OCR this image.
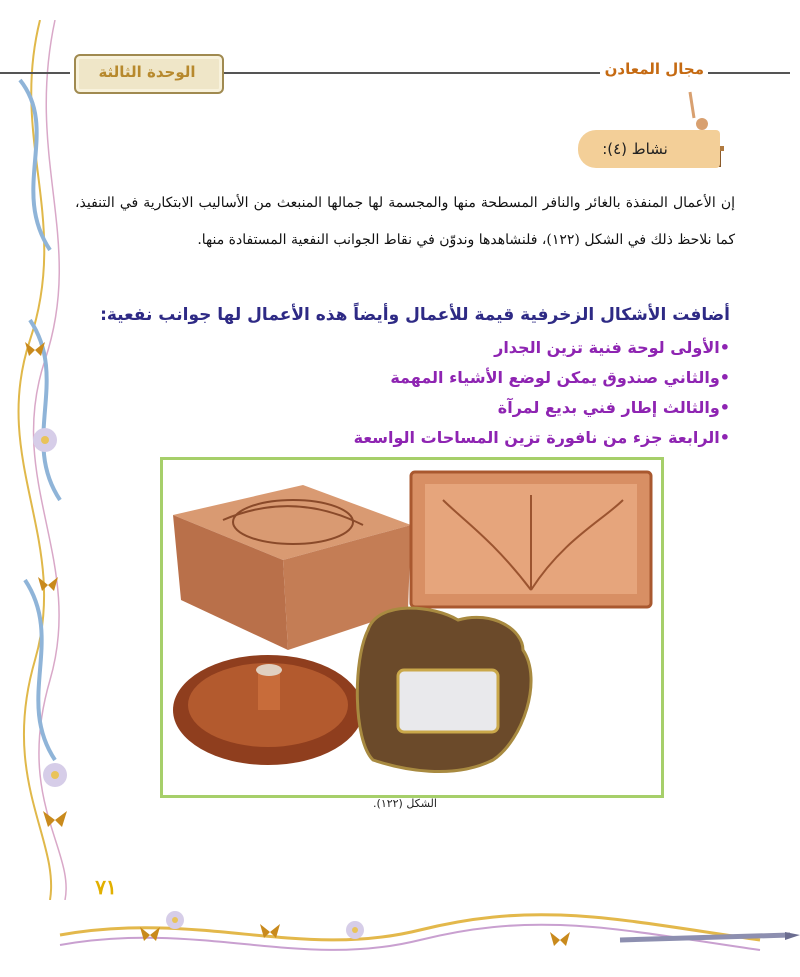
الوحدة الثالثة	مجال المعادن
نشاط (٤):
إن الأعمال المنفذة بالغائر والنافر المسطحة منها والمجسمة لها جمالها المنبعث من الأساليب الابتكارية في التنفيذ، كما نلاحظ ذلك في الشكل (١٢٢)، فلنشاهدها وندوّن في نقاط الجوانب النفعية المستفادة منها.
أضافت الأشكال الزخرفية قيمة للأعمال وأيضاً هذه الأعمال لها جوانب نفعية:
•الأولى لوحة فنية تزين الجدار
•والثاني صندوق يمكن لوضع الأشياء المهمة
•والثالث إطار فني بديع لمرآة
•الرابعة جزء من نافورة تزين المساحات الواسعة
الشكل (١٢٢).
٧١
